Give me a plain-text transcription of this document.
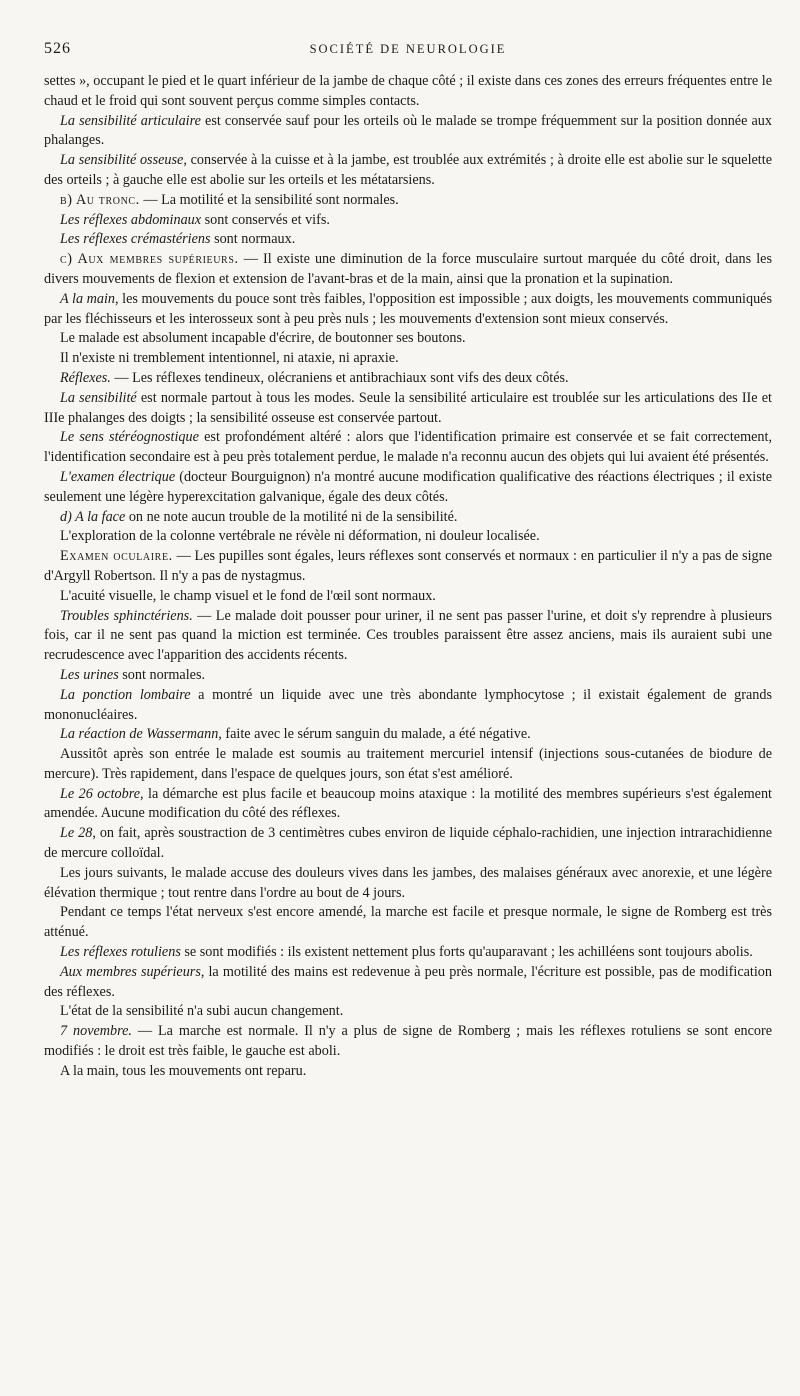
526	SOCIÉTÉ DE NEUROLOGIE

settes », occupant le pied et le quart inférieur de la jambe de chaque côté ; il existe dans ces zones des erreurs fréquentes entre le chaud et le froid qui sont souvent perçus comme simples contacts.

La sensibilité articulaire est conservée sauf pour les orteils où le malade se trompe fréquemment sur la position donnée aux phalanges.

La sensibilité osseuse, conservée à la cuisse et à la jambe, est troublée aux extrémités ; à droite elle est abolie sur le squelette des orteils ; à gauche elle est abolie sur les orteils et les métatarsiens.

b) Au tronc. — La motilité et la sensibilité sont normales.

Les réflexes abdominaux sont conservés et vifs.

Les réflexes crémastériens sont normaux.

c) Aux membres supérieurs. — Il existe une diminution de la force musculaire surtout marquée du côté droit, dans les divers mouvements de flexion et extension de l'avant-bras et de la main, ainsi que la pronation et la supination.

A la main, les mouvements du pouce sont très faibles, l'opposition est impossible ; aux doigts, les mouvements communiqués par les fléchisseurs et les interosseux sont à peu près nuls ; les mouvements d'extension sont mieux conservés.

Le malade est absolument incapable d'écrire, de boutonner ses boutons.

Il n'existe ni tremblement intentionnel, ni ataxie, ni apraxie.

Réflexes. — Les réflexes tendineux, olécraniens et antibrachiaux sont vifs des deux côtés.

La sensibilité est normale partout à tous les modes. Seule la sensibilité articulaire est troublée sur les articulations des IIe et IIIe phalanges des doigts ; la sensibilité osseuse est conservée partout.

Le sens stéréognostique est profondément altéré : alors que l'identification primaire est conservée et se fait correctement, l'identification secondaire est à peu près totalement perdue, le malade n'a reconnu aucun des objets qui lui avaient été présentés.

L'examen électrique (docteur Bourguignon) n'a montré aucune modification qualificative des réactions électriques ; il existe seulement une légère hyperexcitation galvanique, égale des deux côtés.

d) A la face on ne note aucun trouble de la motilité ni de la sensibilité.

L'exploration de la colonne vertébrale ne révèle ni déformation, ni douleur localisée.

Examen oculaire. — Les pupilles sont égales, leurs réflexes sont conservés et normaux : en particulier il n'y a pas de signe d'Argyll Robertson. Il n'y a pas de nystagmus.

L'acuité visuelle, le champ visuel et le fond de l'œil sont normaux.

Troubles sphinctériens. — Le malade doit pousser pour uriner, il ne sent pas passer l'urine, et doit s'y reprendre à plusieurs fois, car il ne sent pas quand la miction est terminée. Ces troubles paraissent être assez anciens, mais ils auraient subi une recrudescence avec l'apparition des accidents récents.

Les urines sont normales.

La ponction lombaire a montré un liquide avec une très abondante lymphocytose ; il existait également de grands mononucléaires.

La réaction de Wassermann, faite avec le sérum sanguin du malade, a été négative.

Aussitôt après son entrée le malade est soumis au traitement mercuriel intensif (injections sous-cutanées de biodure de mercure). Très rapidement, dans l'espace de quelques jours, son état s'est amélioré.

Le 26 octobre, la démarche est plus facile et beaucoup moins ataxique : la motilité des membres supérieurs s'est également amendée. Aucune modification du côté des réflexes.

Le 28, on fait, après soustraction de 3 centimètres cubes environ de liquide céphalo-rachidien, une injection intrarachidienne de mercure colloïdal.

Les jours suivants, le malade accuse des douleurs vives dans les jambes, des malaises généraux avec anorexie, et une légère élévation thermique ; tout rentre dans l'ordre au bout de 4 jours.

Pendant ce temps l'état nerveux s'est encore amendé, la marche est facile et presque normale, le signe de Romberg est très atténué.

Les réflexes rotuliens se sont modifiés : ils existent nettement plus forts qu'auparavant ; les achilléens sont toujours abolis.

Aux membres supérieurs, la motilité des mains est redevenue à peu près normale, l'écriture est possible, pas de modification des réflexes.

L'état de la sensibilité n'a subi aucun changement.

7 novembre. — La marche est normale. Il n'y a plus de signe de Romberg ; mais les réflexes rotuliens se sont encore modifiés : le droit est très faible, le gauche est aboli.

A la main, tous les mouvements ont reparu.
